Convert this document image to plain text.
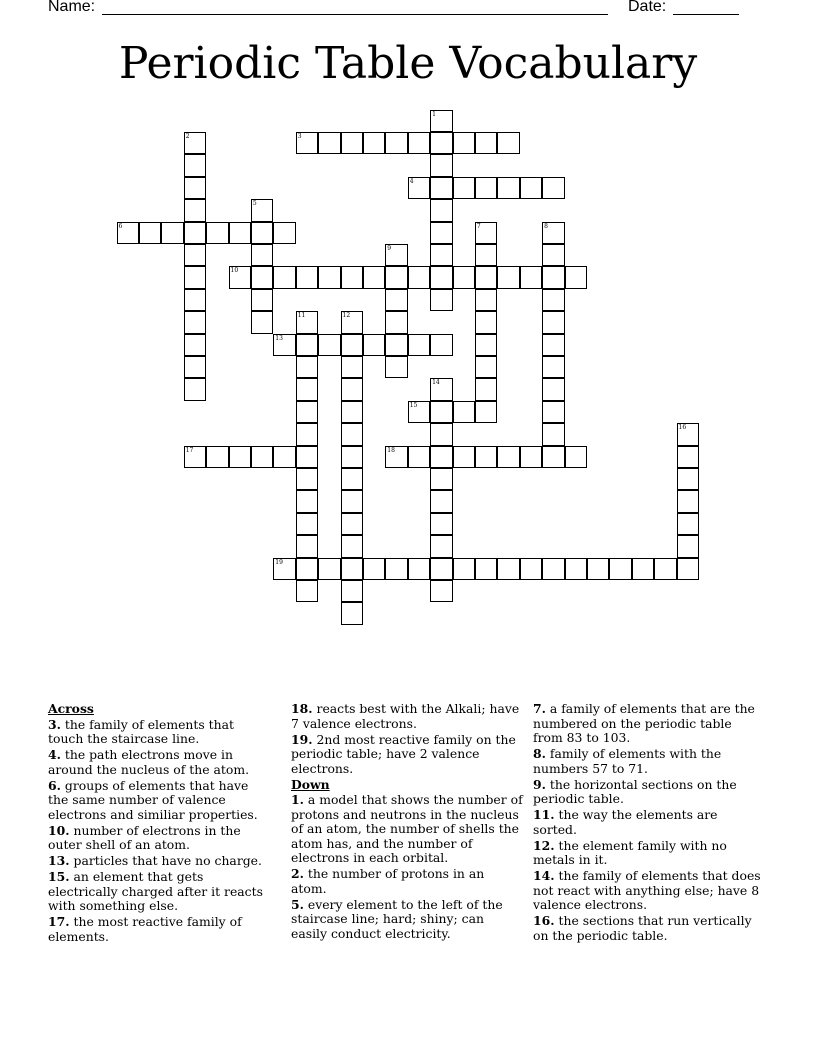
Name:	Date:
Periodic Table Vocabulary
1
2	3
4
5
6	7	8
9
10
11	12
13
14
15
16
17	18
19
Across
3. the family of elements that touch the staircase line.
4. the path electrons move in around the nucleus of the atom.
6. groups of elements that have the same number of valence electrons and similiar properties.
10. number of electrons in the outer shell of an atom.
13. particles that have no charge.
15. an element that gets electrically charged after it reacts with something else.
17. the most reactive family of elements.
18. reacts best with the Alkali; have 7 valence electrons.
19. 2nd most reactive family on the periodic table; have 2 valence electrons.
Down
1. a model that shows the number of protons and neutrons in the nucleus of an atom, the number of shells the atom has, and the number of electrons in each orbital.
2. the number of protons in an atom.
5. every element to the left of the staircase line; hard; shiny; can easily conduct electricity.
7. a family of elements that are the numbered on the periodic table from 83 to 103.
8. family of elements with the numbers 57 to 71.
9. the horizontal sections on the periodic table.
11. the way the elements are sorted.
12. the element family with no metals in it.
14. the family of elements that does not react with anything else; have 8 valence electrons.
16. the sections that run vertically on the periodic table.
